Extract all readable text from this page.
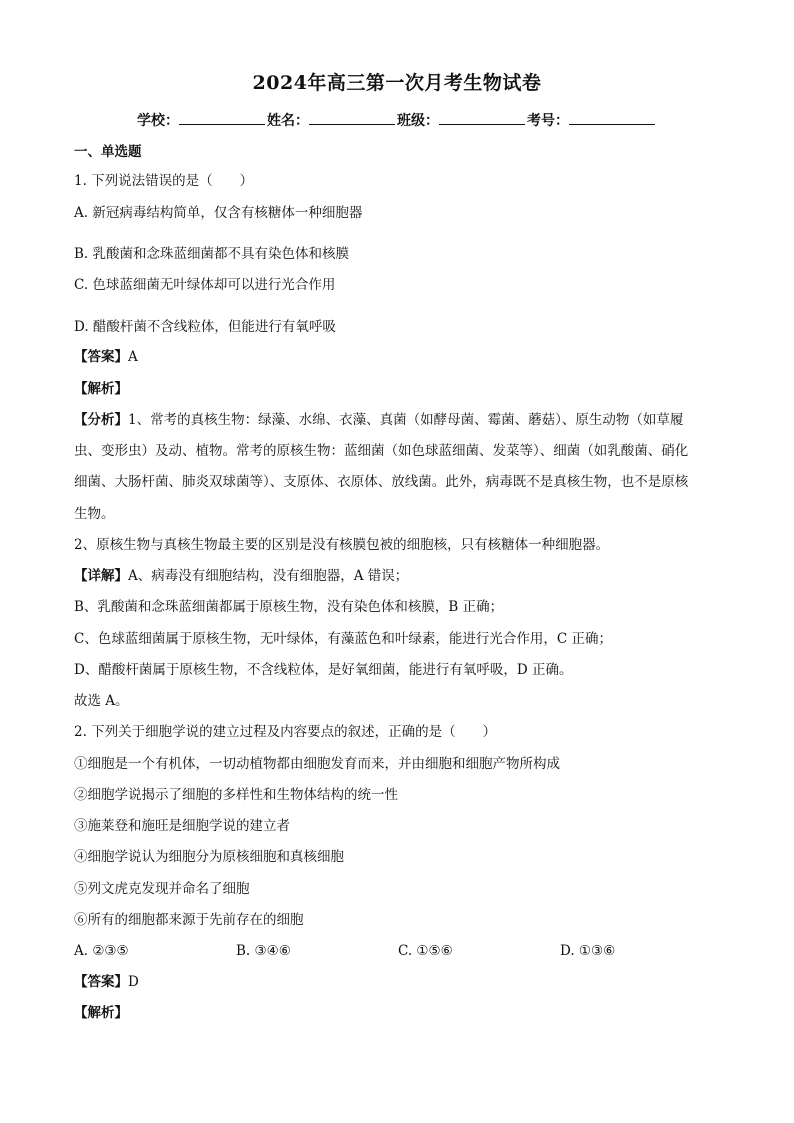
2024年高三第一次月考生物试卷
学校：	姓名：	班级：	考号：
一、单选题
1. 下列说法错误的是（　　）
A. 新冠病毒结构简单，仅含有核糖体一种细胞器
B. 乳酸菌和念珠蓝细菌都不具有染色体和核膜
C. 色球蓝细菌无叶绿体却可以进行光合作用
D. 醋酸杆菌不含线粒体，但能进行有氧呼吸
【答案】A
【解析】
【分析】1、常考的真核生物：绿藻、水绵、衣藻、真菌（如酵母菌、霉菌、蘑菇）、原生动物（如草履
虫、变形虫）及动、植物。常考的原核生物：蓝细菌（如色球蓝细菌、发菜等）、细菌（如乳酸菌、硝化
细菌、大肠杆菌、肺炎双球菌等）、支原体、衣原体、放线菌。此外，病毒既不是真核生物，也不是原核
生物。
2、原核生物与真核生物最主要的区别是没有核膜包被的细胞核，只有核糖体一种细胞器。
【详解】A、病毒没有细胞结构，没有细胞器，A 错误；
B、乳酸菌和念珠蓝细菌都属于原核生物，没有染色体和核膜，B 正确；
C、色球蓝细菌属于原核生物，无叶绿体，有藻蓝色和叶绿素，能进行光合作用，C 正确；
D、醋酸杆菌属于原核生物，不含线粒体，是好氧细菌，能进行有氧呼吸，D 正确。
故选 A。
2. 下列关于细胞学说的建立过程及内容要点的叙述，正确的是（　　）
①细胞是一个有机体，一切动植物都由细胞发育而来，并由细胞和细胞产物所构成
②细胞学说揭示了细胞的多样性和生物体结构的统一性
③施莱登和施旺是细胞学说的建立者
④细胞学说认为细胞分为原核细胞和真核细胞
⑤列文虎克发现并命名了细胞
⑥所有的细胞都来源于先前存在的细胞
A. ②③⑤	B. ③④⑥	C. ①⑤⑥	D. ①③⑥
【答案】D
【解析】
